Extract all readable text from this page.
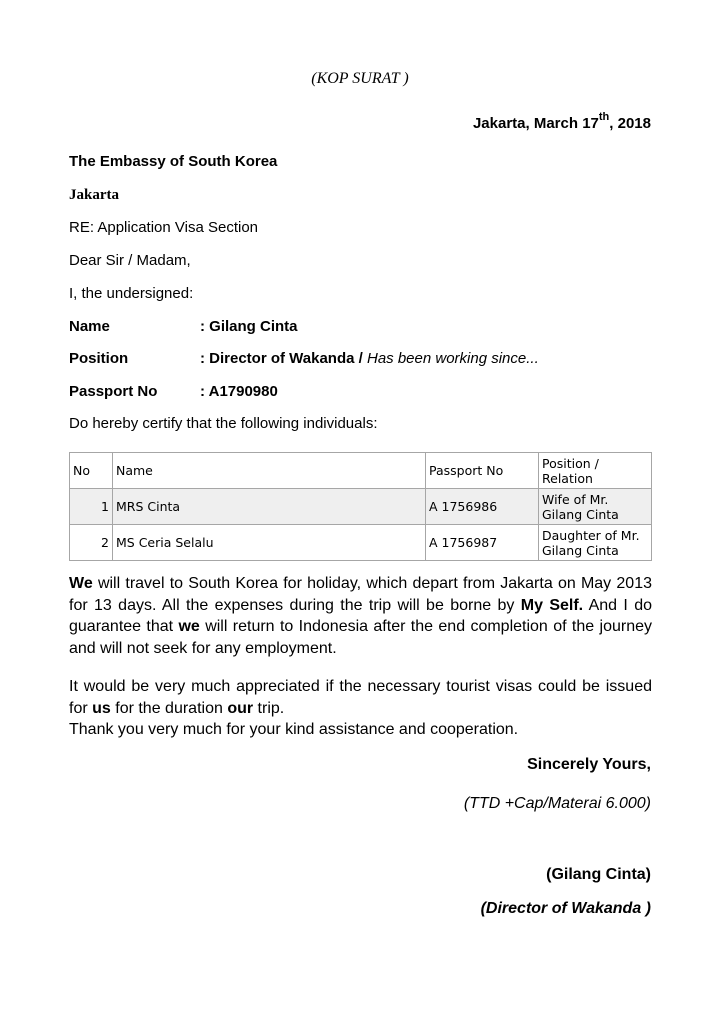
(KOP SURAT )
Jakarta, March 17th, 2018
The Embassy of South Korea
Jakarta
RE: Application Visa Section
Dear Sir / Madam,
I, the undersigned:
Name	: Gilang Cinta
Position	: Director of Wakanda / Has been working since...
Passport No	: A1790980
Do hereby certify that the following individuals:
No	Name	Passport No	Position / Relation
1	MRS Cinta	A 1756986	Wife of Mr. Gilang Cinta
2	MS Ceria Selalu	A 1756987	Daughter of Mr. Gilang Cinta
We will travel to South Korea for holiday, which depart from Jakarta on May 2013 for 13 days. All the expenses during the trip will be borne by My Self. And I do guarantee that we will return to Indonesia after the end completion of the journey and will not seek for any employment.
It would be very much appreciated if the necessary tourist visas could be issued for us for the duration our trip.
Thank you very much for your kind assistance and cooperation.
Sincerely Yours,
(TTD +Cap/Materai 6.000)
(Gilang Cinta)
(Director of Wakanda )
